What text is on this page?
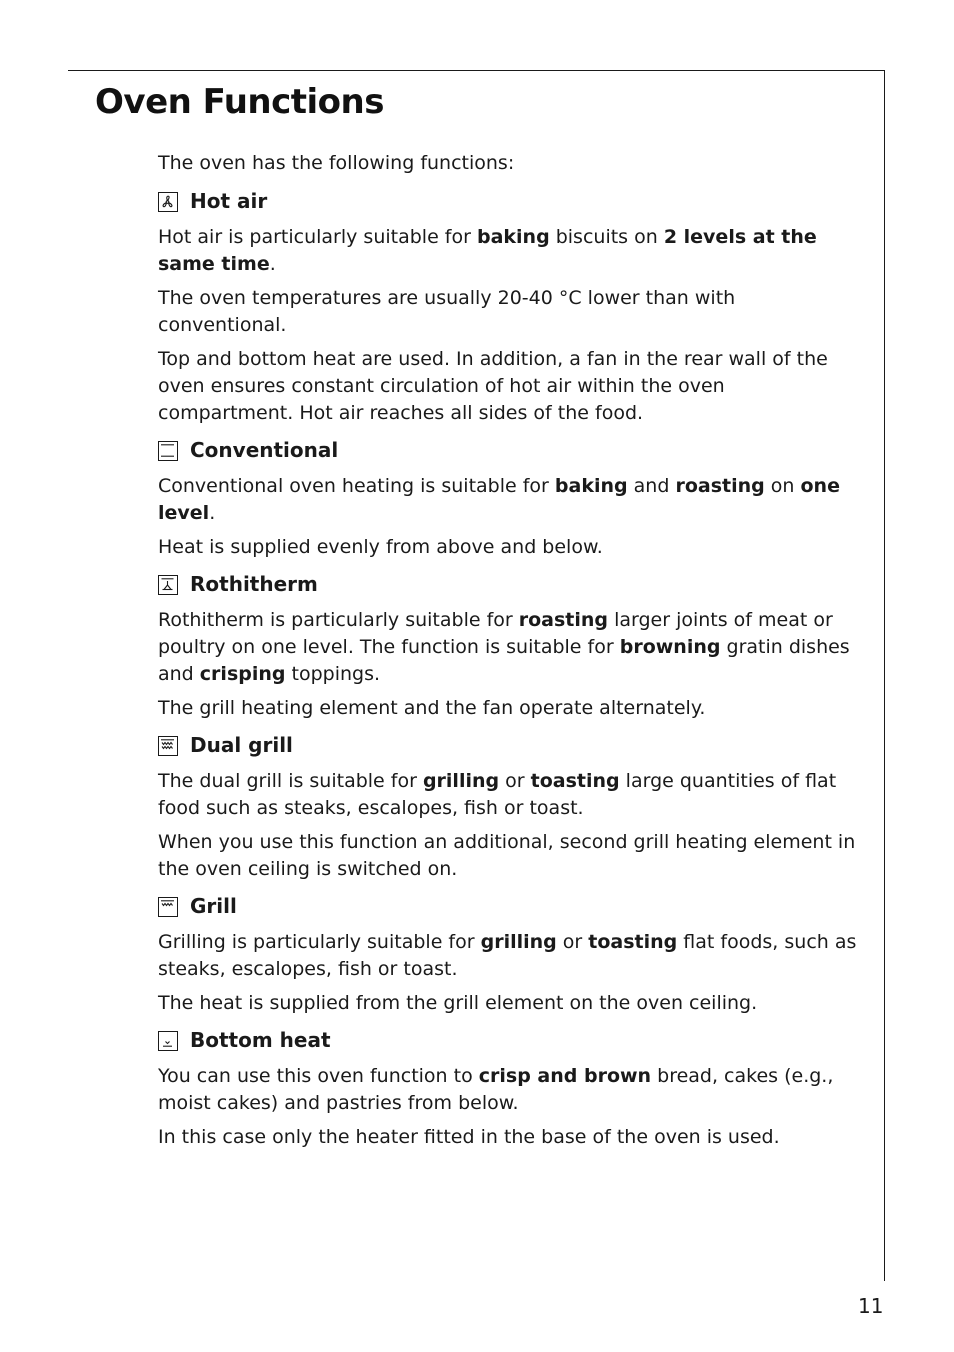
Oven Functions

The oven has the following functions:

Hot air

Hot air is particularly suitable for baking biscuits on 2 levels at the same time.

The oven temperatures are usually 20-40 °C lower than with conventional.

Top and bottom heat are used. In addition, a fan in the rear wall of the oven ensures constant circulation of hot air within the oven compartment. Hot air reaches all sides of the food.

Conventional

Conventional oven heating is suitable for baking and roasting on one level.

Heat is supplied evenly from above and below.

Rothitherm

Rothitherm is particularly suitable for roasting larger joints of meat or poultry on one level. The function is suitable for browning gratin dishes and crisping toppings.

The grill heating element and the fan operate alternately.

Dual grill

The dual grill is suitable for grilling or toasting large quantities of flat food such as steaks, escalopes, fish or toast.

When you use this function an additional, second grill heating element in the oven ceiling is switched on.

Grill

Grilling is particularly suitable for grilling or toasting flat foods, such as steaks, escalopes, fish or toast.

The heat is supplied from the grill element on the oven ceiling.

Bottom heat

You can use this oven function to crisp and brown bread, cakes (e.g., moist cakes) and pastries from below.

In this case only the heater fitted in the base of the oven is used.

11
